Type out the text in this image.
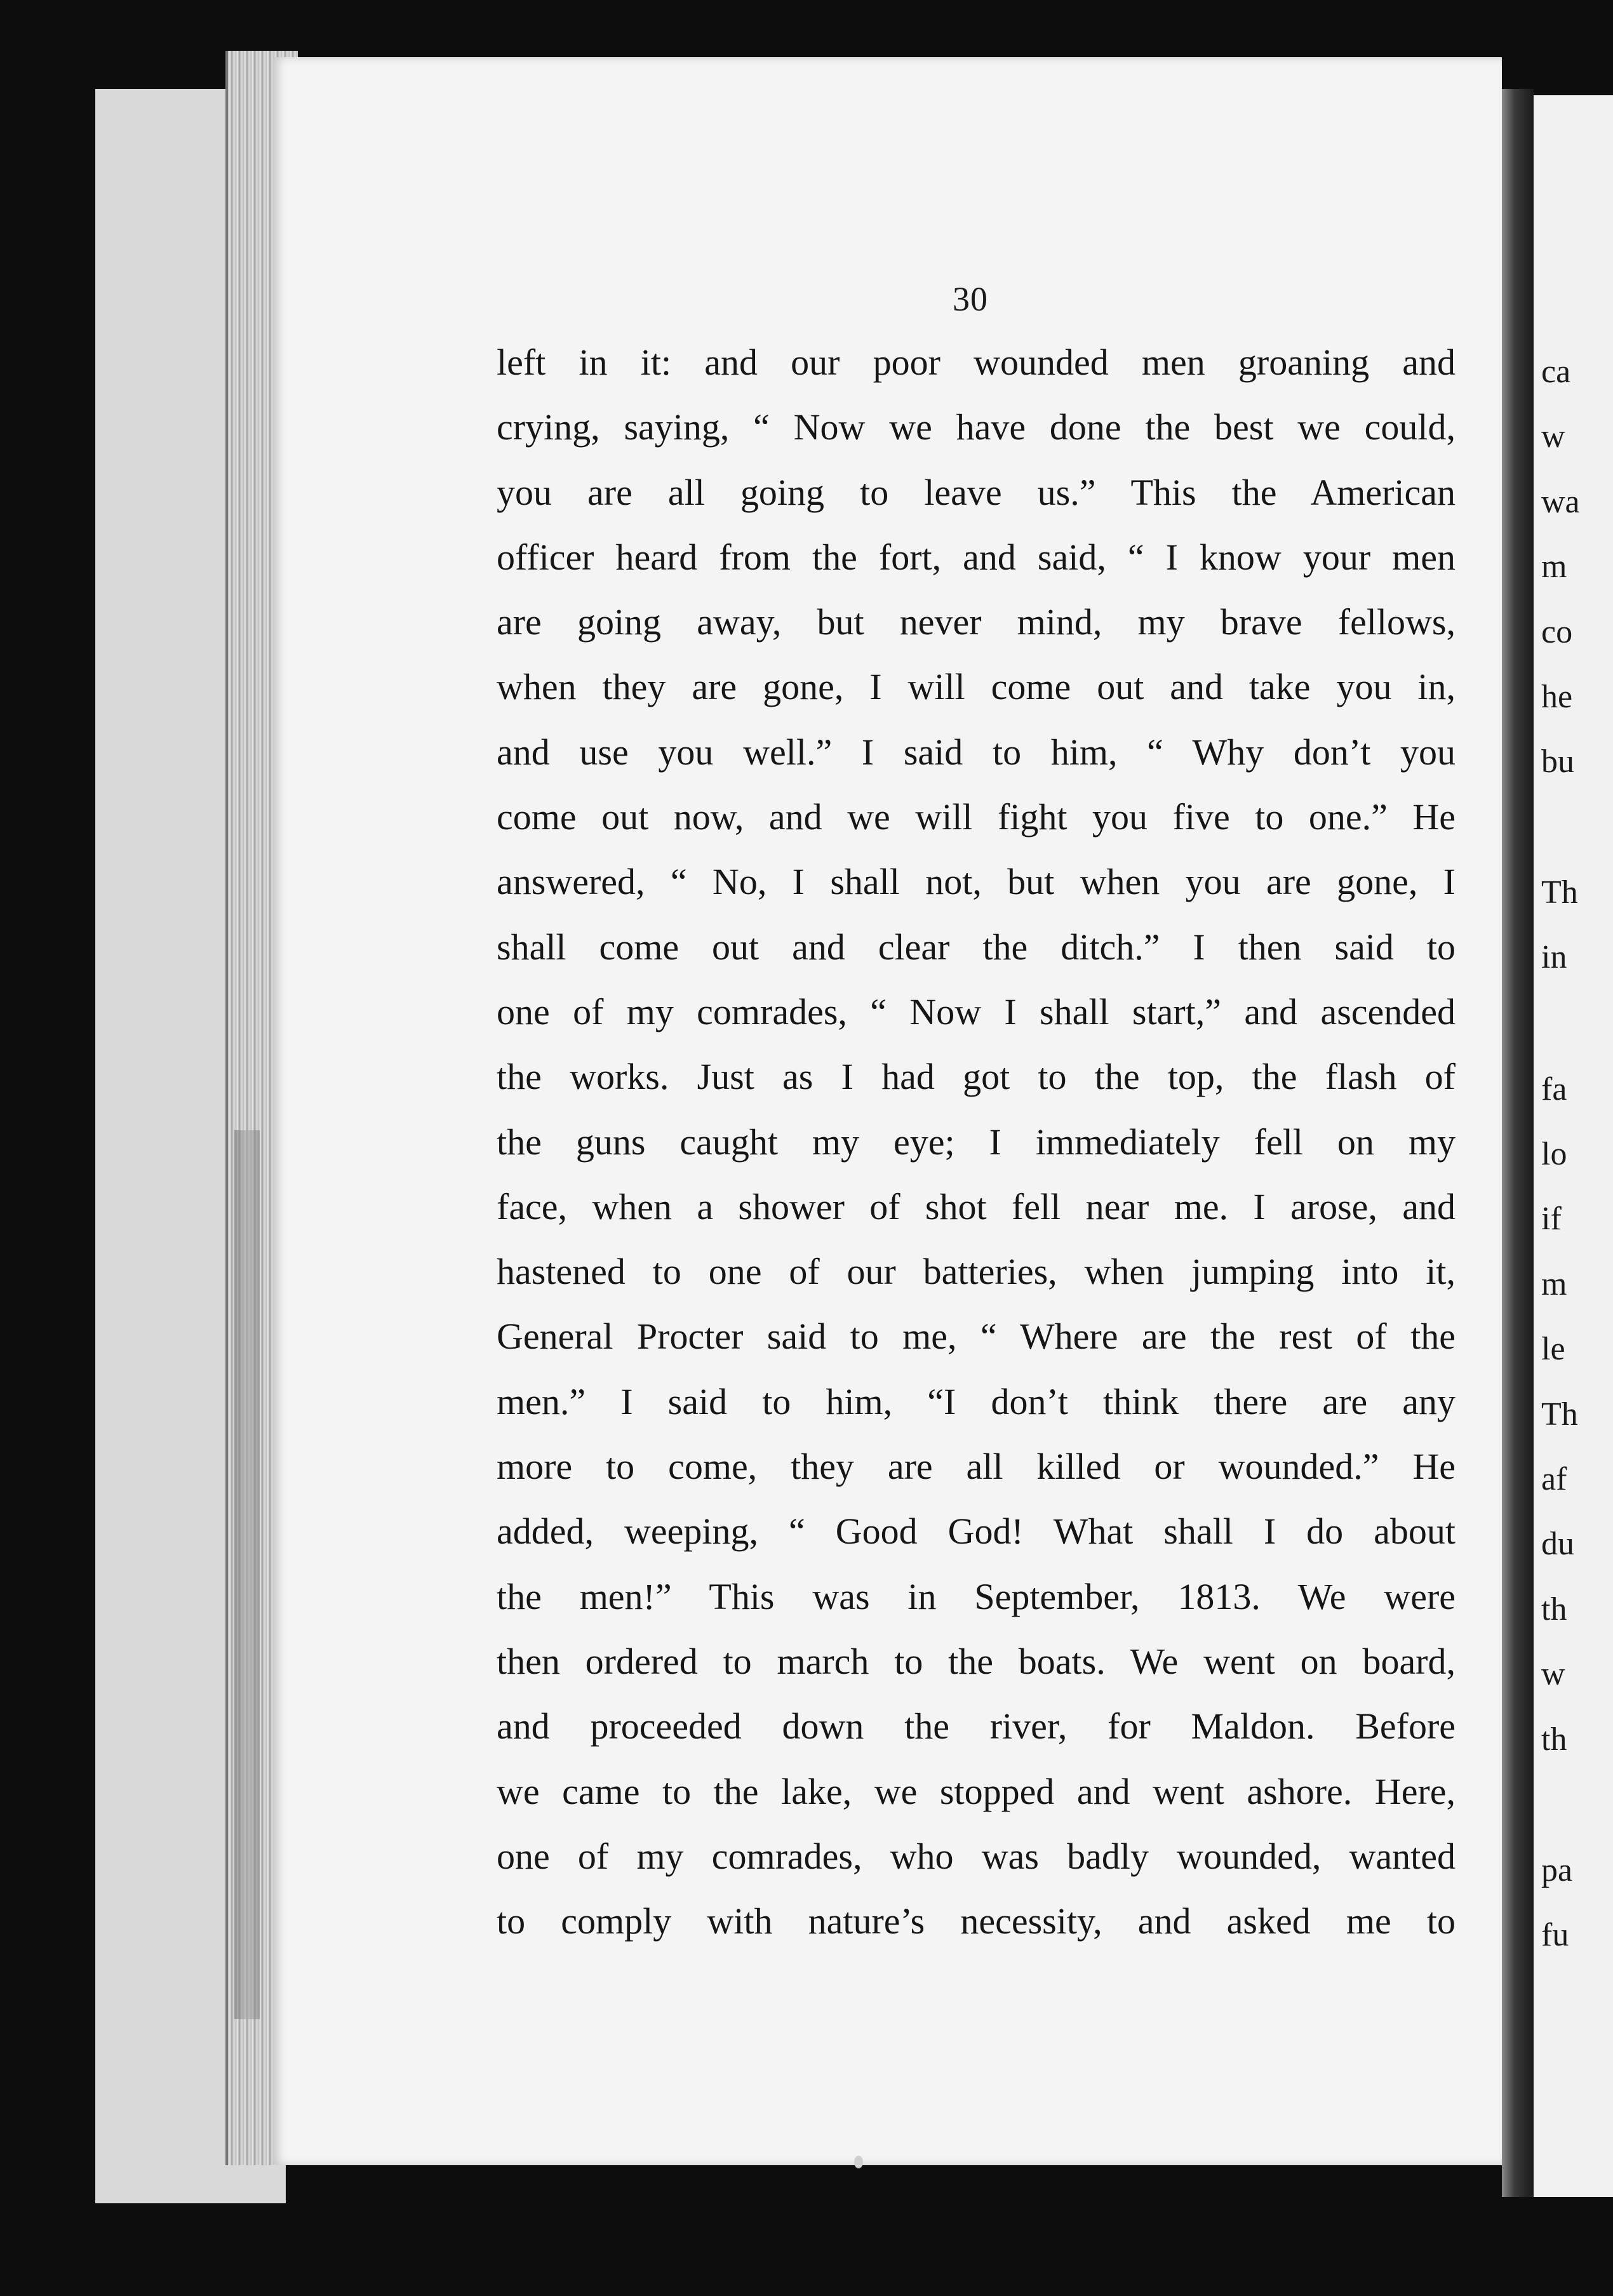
ca
w
wa
m
co
he
bu
Th
in
fa
lo
if
m
le
Th
af
du
th
w
th
pa
fu
30
left in it: and our poor wounded men groaning and
crying, saying, “ Now we have done the best we could,
you are all going to leave us.” This the American
officer heard from the fort, and said, “ I know your men
are going away, but never mind, my brave fellows,
when they are gone, I will come out and take you in,
and use you well.” I said to him, “ Why don’t you
come out now, and we will fight you five to one.” He
answered, “ No, I shall not, but when you are gone, I
shall come out and clear the ditch.” I then said to
one of my comrades, “ Now I shall start,” and ascended
the works. Just as I had got to the top, the flash of
the guns caught my eye; I immediately fell on my
face, when a shower of shot fell near me. I arose, and
hastened to one of our batteries, when jumping into it,
General Procter said to me, “ Where are the rest of the
men.” I said to him, “I don’t think there are any
more to come, they are all killed or wounded.” He
added, weeping, “ Good God! What shall I do about
the men!” This was in September, 1813. We were
then ordered to march to the boats. We went on board,
and proceeded down the river, for Maldon. Before
we came to the lake, we stopped and went ashore. Here,
one of my comrades, who was badly wounded, wanted
to comply with nature’s necessity, and asked me to
